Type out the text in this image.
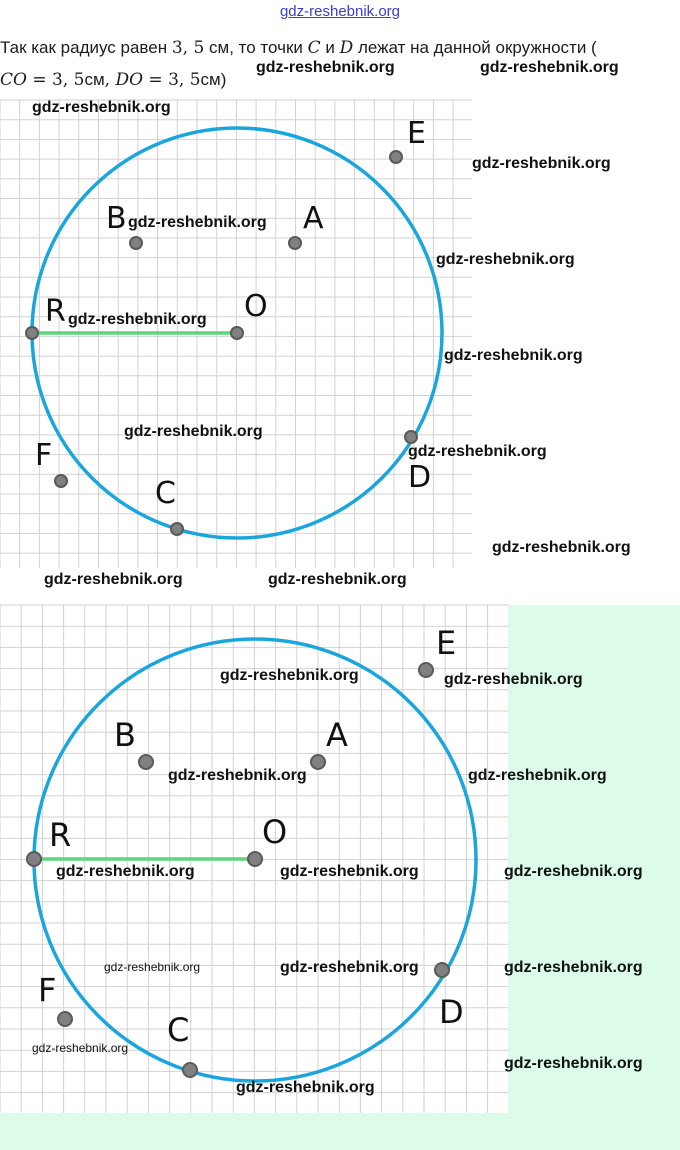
gdz-reshebnik.org
Так как радиус равен 3, 5 см, то точки C и D лежат на данной окружности (
CO = 3, 5см, DO = 3, 5см)
E
B	A
R	O
F
D
C
E
B	A
R	O
F
D
C
gdz-reshebnik.org	gdz-reshebnik.org
gdz-reshebnik.org
gdz-reshebnik.org
gdz-reshebnik.org
gdz-reshebnik.org
gdz-reshebnik.org
gdz-reshebnik.org
gdz-reshebnik.org
gdz-reshebnik.org
gdz-reshebnik.org
gdz-reshebnik.org	gdz-reshebnik.org
gdz-reshebnik.org	gdz-reshebnik.org
gdz-reshebnik.org	gdz-reshebnik.org
gdz-reshebnik.org	gdz-reshebnik.org	gdz-reshebnik.org
gdz-reshebnik.org	gdz-reshebnik.org	gdz-reshebnik.org
gdz-reshebnik.org
gdz-reshebnik.org
gdz-reshebnik.org
